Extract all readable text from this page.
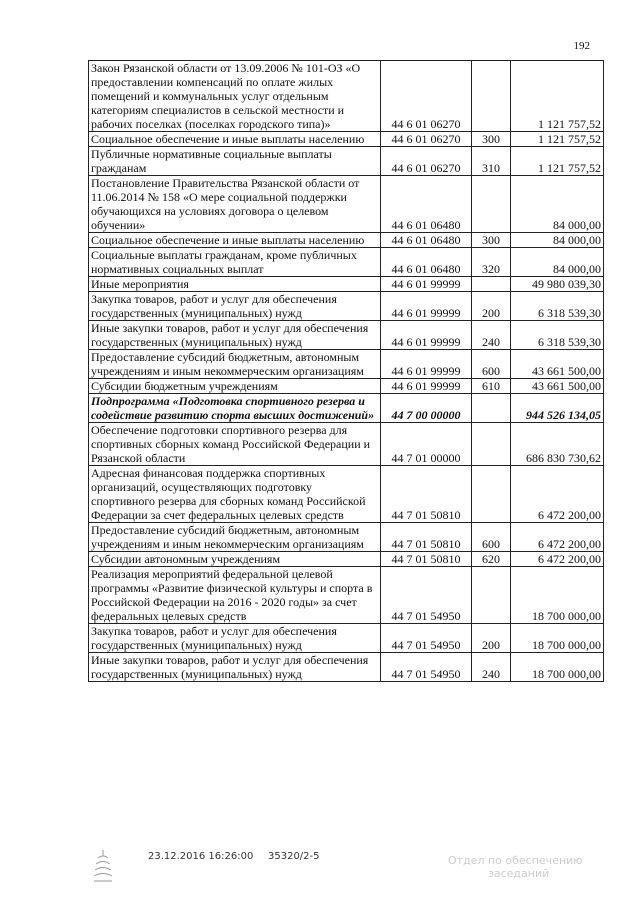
192
Закон Рязанской области от 13.09.2006 № 101-ОЗ «О предоставлении компенсаций по оплате жилых помещений и коммунальных услуг отдельным категориям специалистов в сельской местности и рабочих поселках (поселках городского типа)»	44 6 01 06270		1 121 757,52
Социальное обеспечение и иные выплаты населению	44 6 01 06270	300	1 121 757,52
Публичные нормативные социальные выплаты гражданам	44 6 01 06270	310	1 121 757,52
Постановление Правительства Рязанской области от 11.06.2014 № 158 «О мере социальной поддержки обучающихся на условиях договора о целевом обучении»	44 6 01 06480		84 000,00
Социальное обеспечение и иные выплаты населению	44 6 01 06480	300	84 000,00
Социальные выплаты гражданам, кроме публичных нормативных социальных выплат	44 6 01 06480	320	84 000,00
Иные мероприятия	44 6 01 99999		49 980 039,30
Закупка товаров, работ и услуг для обеспечения государственных (муниципальных) нужд	44 6 01 99999	200	6 318 539,30
Иные закупки товаров, работ и услуг для обеспечения государственных (муниципальных) нужд	44 6 01 99999	240	6 318 539,30
Предоставление субсидий бюджетным, автономным учреждениям и иным некоммерческим организациям	44 6 01 99999	600	43 661 500,00
Субсидии бюджетным учреждениям	44 6 01 99999	610	43 661 500,00
Подпрограмма «Подготовка спортивного резерва и содействие развитию спорта высших достижений»	44 7 00 00000		944 526 134,05
Обеспечение подготовки спортивного резерва для спортивных сборных команд Российской Федерации и Рязанской области	44 7 01 00000		686 830 730,62
Адресная финансовая поддержка спортивных организаций, осуществляющих подготовку спортивного резерва для сборных команд Российской Федерации за счет федеральных целевых средств	44 7 01 50810		6 472 200,00
Предоставление субсидий бюджетным, автономным учреждениям и иным некоммерческим организациям	44 7 01 50810	600	6 472 200,00
Субсидии автономным учреждениям	44 7 01 50810	620	6 472 200,00
Реализация мероприятий федеральной целевой программы «Развитие физической культуры и спорта в Российской Федерации на 2016 - 2020 годы» за счет федеральных целевых средств	44 7 01 54950		18 700 000,00
Закупка товаров, работ и услуг для обеспечения государственных (муниципальных) нужд	44 7 01 54950	200	18 700 000,00
Иные закупки товаров, работ и услуг для обеспечения государственных (муниципальных) нужд	44 7 01 54950	240	18 700 000,00
23.12.2016 16:26:00 35320/2-5	Отдел по обеспечению
заседаний
